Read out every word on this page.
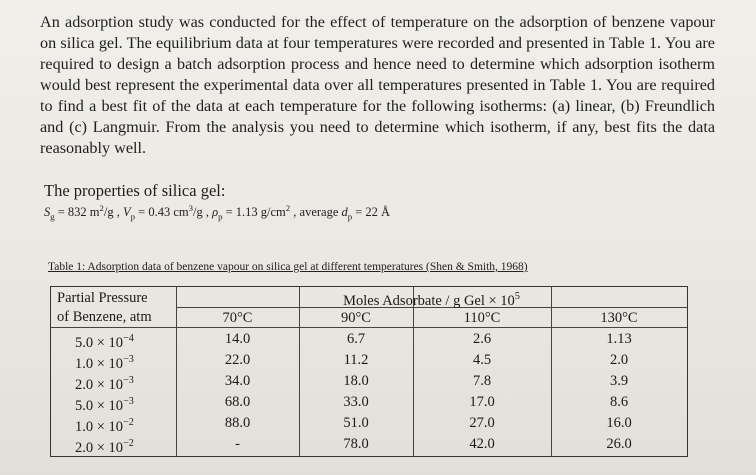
An adsorption study was conducted for the effect of temperature on the adsorption of benzene vapour on silica gel. The equilibrium data at four temperatures were recorded and presented in Table 1. You are required to design a batch adsorption process and hence need to determine which adsorption isotherm would best represent the experimental data over all temperatures presented in Table 1. You are required to find a best fit of the data at each temperature for the following isotherms: (a) linear, (b) Freundlich and (c) Langmuir. From the analysis you need to determine which isotherm, if any, best fits the data reasonably well.

The properties of silica gel:
$S_g = 832$ $m^2/g$ , $V_p = 0.43$ $cm^3/g$ , $\rho_p = 1.13$ $g/cm^2$ , average $d_p = 22$ Å
Table 1: Adsorption data of benzene vapour on silica gel at different temperatures (Shen & Smith, 1968)
Partial Pressure
of Benzene, atm
Moles Adsorbate / g Gel × $10^5$
70°C	90°C	110°C	130°C
$5.0 \times 10^{-4}$	14.0	6.7	2.6	1.13
$1.0 \times 10^{-3}$	22.0	11.2	4.5	2.0
$2.0 \times 10^{-3}$	34.0	18.0	7.8	3.9
$5.0 \times 10^{-3}$	68.0	33.0	17.0	8.6
$1.0 \times 10^{-2}$	88.0	51.0	27.0	16.0
$2.0 \times 10^{-2}$	-	78.0	42.0	26.0
